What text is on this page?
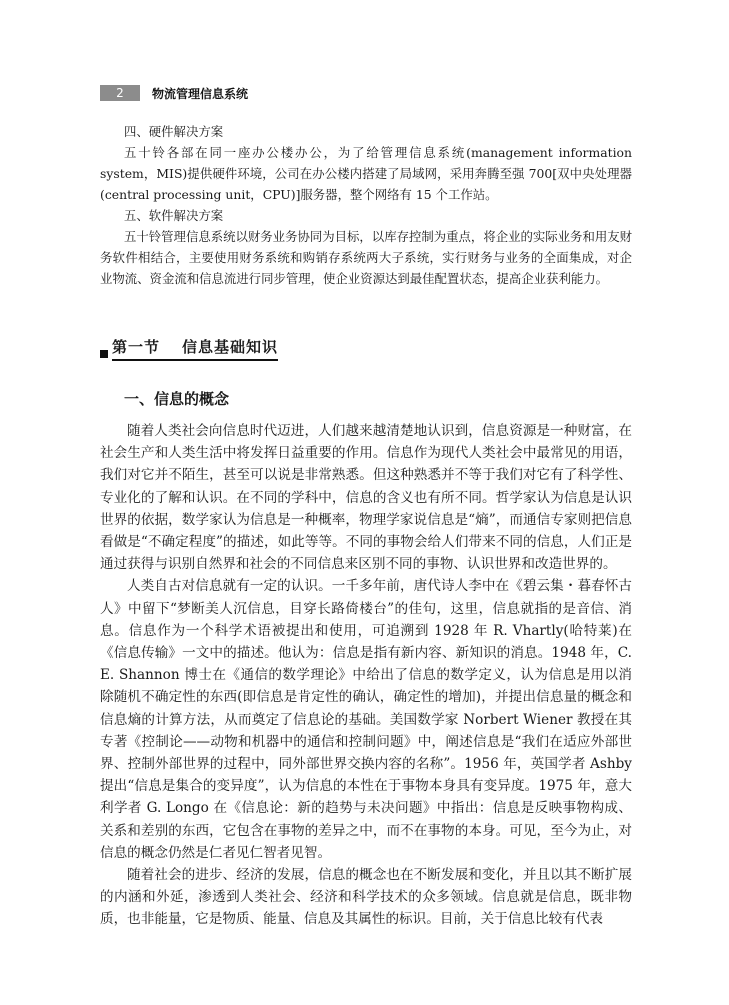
2	物流管理信息系统

四、硬件解决方案

五十铃各部在同一座办公楼办公，为了给管理信息系统(management information system，MIS)提供硬件环境，公司在办公楼内搭建了局域网，采用奔腾至强 700[双中央处理器(central processing unit，CPU)]服务器，整个网络有 15 个工作站。

五、软件解决方案

五十铃管理信息系统以财务业务协同为目标，以库存控制为重点，将企业的实际业务和用友财务软件相结合，主要使用财务系统和购销存系统两大子系统，实行财务与业务的全面集成，对企业物流、资金流和信息流进行同步管理，使企业资源达到最佳配置状态，提高企业获利能力。

第一节 信息基础知识
一、信息的概念

随着人类社会向信息时代迈进，人们越来越清楚地认识到，信息资源是一种财富，在社会生产和人类生活中将发挥日益重要的作用。信息作为现代人类社会中最常见的用语，我们对它并不陌生，甚至可以说是非常熟悉。但这种熟悉并不等于我们对它有了科学性、专业化的了解和认识。在不同的学科中，信息的含义也有所不同。哲学家认为信息是认识世界的依据，数学家认为信息是一种概率，物理学家说信息是“熵”，而通信专家则把信息看做是“不确定程度”的描述，如此等等。不同的事物会给人们带来不同的信息，人们正是通过获得与识别自然界和社会的不同信息来区别不同的事物、认识世界和改造世界的。

人类自古对信息就有一定的认识。一千多年前，唐代诗人李中在《碧云集・暮春怀古人》中留下“梦断美人沉信息，目穿长路倚楼台”的佳句，这里，信息就指的是音信、消息。信息作为一个科学术语被提出和使用，可追溯到 1928 年 R. Vhartly(哈特莱)在《信息传输》一文中的描述。他认为：信息是指有新内容、新知识的消息。1948 年，C. E. Shannon 博士在《通信的数学理论》中给出了信息的数学定义，认为信息是用以消除随机不确定性的东西(即信息是肯定性的确认，确定性的增加)，并提出信息量的概念和信息熵的计算方法，从而奠定了信息论的基础。美国数学家 Norbert Wiener 教授在其专著《控制论——动物和机器中的通信和控制问题》中，阐述信息是“我们在适应外部世界、控制外部世界的过程中，同外部世界交换内容的名称”。1956 年，英国学者 Ashby 提出“信息是集合的变异度”，认为信息的本性在于事物本身具有变异度。1975 年，意大利学者 G. Longo 在《信息论：新的趋势与未决问题》中指出：信息是反映事物构成、关系和差别的东西，它包含在事物的差异之中，而不在事物的本身。可见，至今为止，对信息的概念仍然是仁者见仁智者见智。

随着社会的进步、经济的发展，信息的概念也在不断发展和变化，并且以其不断扩展的内涵和外延，渗透到人类社会、经济和科学技术的众多领域。信息就是信息，既非物质，也非能量，它是物质、能量、信息及其属性的标识。目前，关于信息比较有代表
